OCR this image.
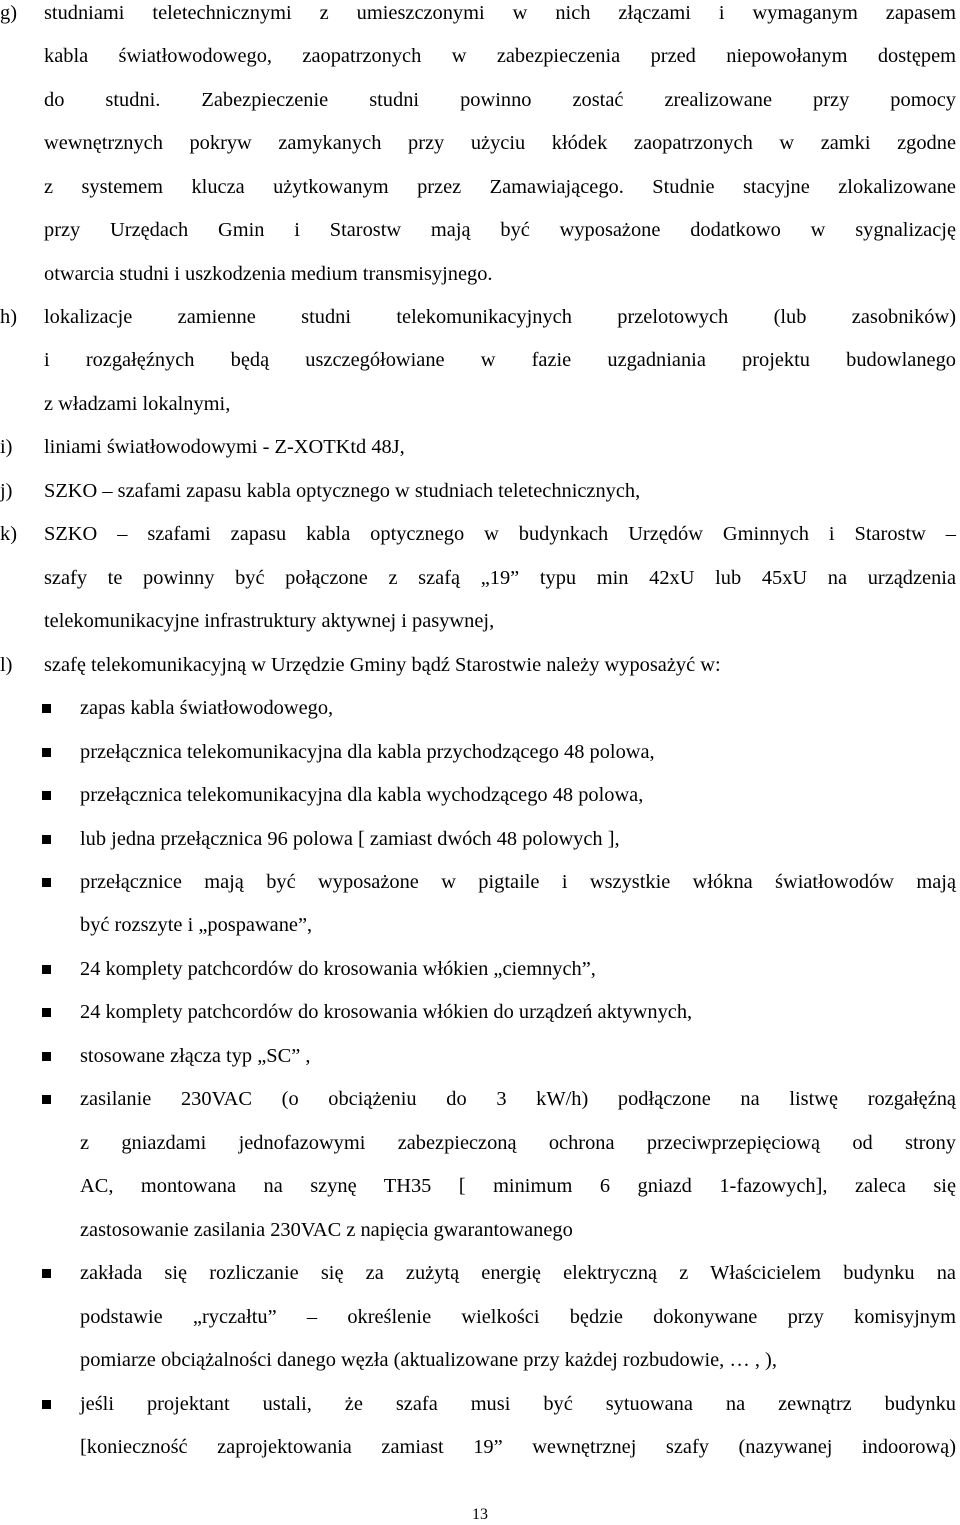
g) studniami teletechnicznymi z umieszczonymi w nich złączami i wymaganym zapasem
kabla światłowodowego, zaopatrzonych w zabezpieczenia przed niepowołanym dostępem
do studni. Zabezpieczenie studni powinno zostać zrealizowane przy pomocy
wewnętrznych pokryw zamykanych przy użyciu kłódek zaopatrzonych w zamki zgodne
z systemem klucza użytkowanym przez Zamawiającego. Studnie stacyjne zlokalizowane
przy Urzędach Gmin i Starostw mają być wyposażone dodatkowo w sygnalizację
otwarcia studni i uszkodzenia medium transmisyjnego.
h) lokalizacje zamienne studni telekomunikacyjnych przelotowych (lub zasobników)
i rozgałęźnych będą uszczegółowiane w fazie uzgadniania projektu budowlanego
z władzami lokalnymi,
i) liniami światłowodowymi - Z-XOTKtd 48J,
j) SZKO – szafami zapasu kabla optycznego w studniach teletechnicznych,
k) SZKO – szafami zapasu kabla optycznego w budynkach Urzędów Gminnych i Starostw –
szafy te powinny być połączone z szafą „19” typu min 42xU lub 45xU na urządzenia
telekomunikacyjne infrastruktury aktywnej i pasywnej,
l) szafę telekomunikacyjną w Urzędzie Gminy bądź Starostwie należy wyposażyć w:
zapas kabla światłowodowego,
przełącznica telekomunikacyjna dla kabla przychodzącego 48 polowa,
przełącznica telekomunikacyjna dla kabla wychodzącego 48 polowa,
lub jedna przełącznica 96 polowa [ zamiast dwóch 48 polowych ],
przełącznice mają być wyposażone w pigtaile i wszystkie włókna światłowodów mają
być rozszyte i „pospawane”,
24 komplety patchcordów do krosowania włókien „ciemnych”,
24 komplety patchcordów do krosowania włókien do urządzeń aktywnych,
stosowane złącza typ „SC” ,
zasilanie 230VAC (o obciążeniu do 3 kW/h) podłączone na listwę rozgałęźną
z gniazdami jednofazowymi zabezpieczoną ochrona przeciwprzepięciową od strony
AC, montowana na szynę TH35 [ minimum 6 gniazd 1-fazowych], zaleca się
zastosowanie zasilania 230VAC z napięcia gwarantowanego
zakłada się rozliczanie się za zużytą energię elektryczną z Właścicielem budynku na
podstawie „ryczałtu” – określenie wielkości będzie dokonywane przy komisyjnym
pomiarze obciążalności danego węzła (aktualizowane przy każdej rozbudowie, … , ),
jeśli projektant ustali, że szafa musi być sytuowana na zewnątrz budynku
[konieczność zaprojektowania zamiast 19” wewnętrznej szafy (nazywanej indoorową)
13
